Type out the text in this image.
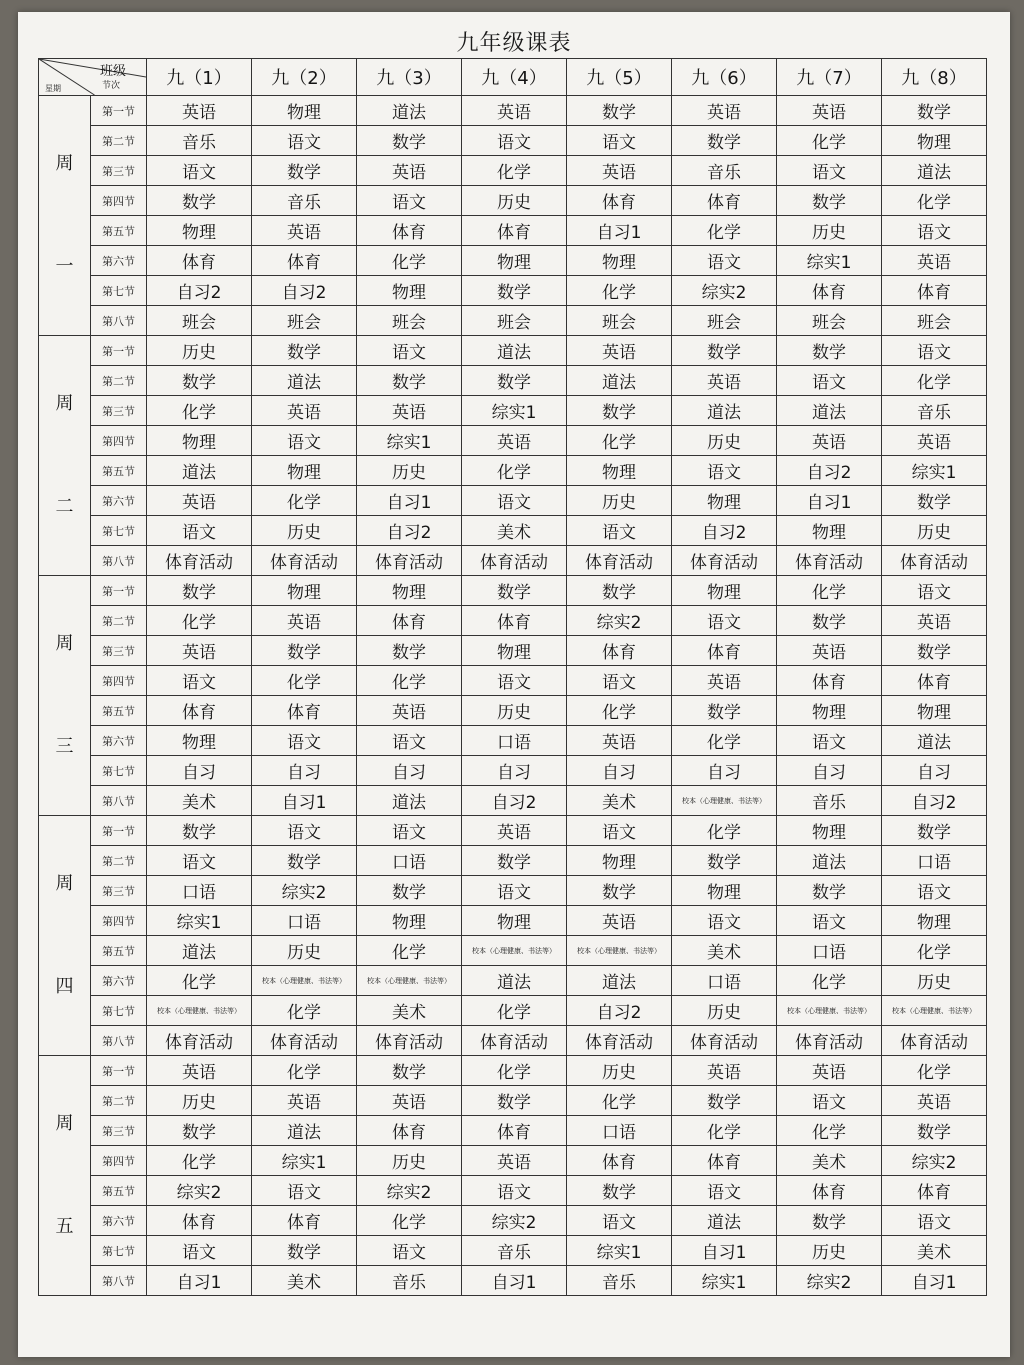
九年级课表
班级
节次
星期		九（1）	九（2）	九（3）	九（4）	九（5）	九（6）	九（7）	九（8）

周
一	第一节	英语	物理	道法	英语	数学	英语	英语	数学
	第二节	音乐	语文	数学	语文	语文	数学	化学	物理
	第三节	语文	数学	英语	化学	英语	音乐	语文	道法
	第四节	数学	音乐	语文	历史	体育	体育	数学	化学
	第五节	物理	英语	体育	体育	自习1	化学	历史	语文
	第六节	体育	体育	化学	物理	物理	语文	综实1	英语
	第七节	自习2	自习2	物理	数学	化学	综实2	体育	体育
	第八节	班会	班会	班会	班会	班会	班会	班会	班会

周
二	第一节	历史	数学	语文	道法	英语	数学	数学	语文
	第二节	数学	道法	数学	数学	道法	英语	语文	化学
	第三节	化学	英语	英语	综实1	数学	道法	道法	音乐
	第四节	物理	语文	综实1	英语	化学	历史	英语	英语
	第五节	道法	物理	历史	化学	物理	语文	自习2	综实1
	第六节	英语	化学	自习1	语文	历史	物理	自习1	数学
	第七节	语文	历史	自习2	美术	语文	自习2	物理	历史
	第八节	体育活动	体育活动	体育活动	体育活动	体育活动	体育活动	体育活动	体育活动

周
三	第一节	数学	物理	物理	数学	数学	物理	化学	语文
	第二节	化学	英语	体育	体育	综实2	语文	数学	英语
	第三节	英语	数学	数学	物理	体育	体育	英语	数学
	第四节	语文	化学	化学	语文	语文	英语	体育	体育
	第五节	体育	体育	英语	历史	化学	数学	物理	物理
	第六节	物理	语文	语文	口语	英语	化学	语文	道法
	第七节	自习	自习	自习	自习	自习	自习	自习	自习
	第八节	美术	自习1	道法	自习2	美术	校本（心理健康、书法等）	音乐	自习2

周
四	第一节	数学	语文	语文	英语	语文	化学	物理	数学
	第二节	语文	数学	口语	数学	物理	数学	道法	口语
	第三节	口语	综实2	数学	语文	数学	物理	数学	语文
	第四节	综实1	口语	物理	物理	英语	语文	语文	物理
	第五节	道法	历史	化学	校本（心理健康、书法等）	校本（心理健康、书法等）	美术	口语	化学
	第六节	化学	校本（心理健康、书法等）	校本（心理健康、书法等）	道法	道法	口语	化学	历史
	第七节	校本（心理健康、书法等）	化学	美术	化学	自习2	历史	校本（心理健康、书法等）	校本（心理健康、书法等）
	第八节	体育活动	体育活动	体育活动	体育活动	体育活动	体育活动	体育活动	体育活动

周
五	第一节	英语	化学	数学	化学	历史	英语	英语	化学
	第二节	历史	英语	英语	数学	化学	数学	语文	英语
	第三节	数学	道法	体育	体育	口语	化学	化学	数学
	第四节	化学	综实1	历史	英语	体育	体育	美术	综实2
	第五节	综实2	语文	综实2	语文	数学	语文	体育	体育
	第六节	体育	体育	化学	综实2	语文	道法	数学	语文
	第七节	语文	数学	语文	音乐	综实1	自习1	历史	美术
	第八节	自习1	美术	音乐	自习1	音乐	综实1	综实2	自习1
